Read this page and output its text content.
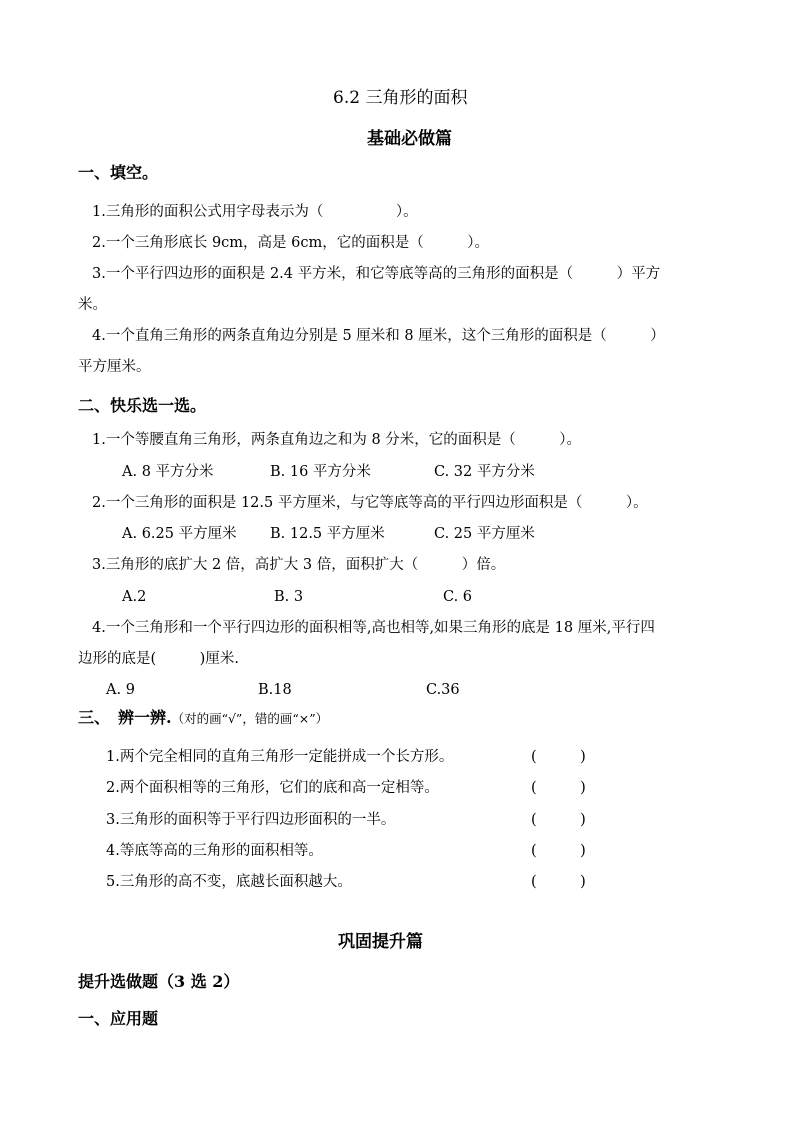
6.2 三角形的面积
基础必做篇
一、填空。
1.三角形的面积公式用字母表示为（　　　　　）。
2.一个三角形底长 9cm，高是 6cm，它的面积是（　　　）。
3.一个平行四边形的面积是 2.4 平方米，和它等底等高的三角形的面积是（　　　）平方
米。
4.一个直角三角形的两条直角边分别是 5 厘米和 8 厘米，这个三角形的面积是（　　　）
平方厘米。
二、快乐选一选。
1.一个等腰直角三角形，两条直角边之和为 8 分米，它的面积是（　　　）。
A. 8 平方分米	B. 16 平方分米	C. 32 平方分米
2.一个三角形的面积是 12.5 平方厘米，与它等底等高的平行四边形面积是（　　　）。
A. 6.25 平方厘米 B. 12.5 平方厘米	C. 25 平方厘米
3.三角形的底扩大 2 倍，高扩大 3 倍，面积扩大（　　　）倍。
A.2	B. 3	C. 6
4.一个三角形和一个平行四边形的面积相等,高也相等,如果三角形的底是 18 厘米,平行四
边形的底是(　　　)厘米.
A. 9	B.18	C.36
三、　辨一辨.（对的画“√”，错的画“×”）
1.两个完全相同的直角三角形一定能拼成一个长方形。	(　　　)
2.两个面积相等的三角形，它们的底和高一定相等。	(　　　)
3.三角形的面积等于平行四边形面积的一半。	(　　　)
4.等底等高的三角形的面积相等。	(　　　)
5.三角形的高不变，底越长面积越大。	(　　　)
巩固提升篇
提升选做题（3 选 2）
一、应用题
